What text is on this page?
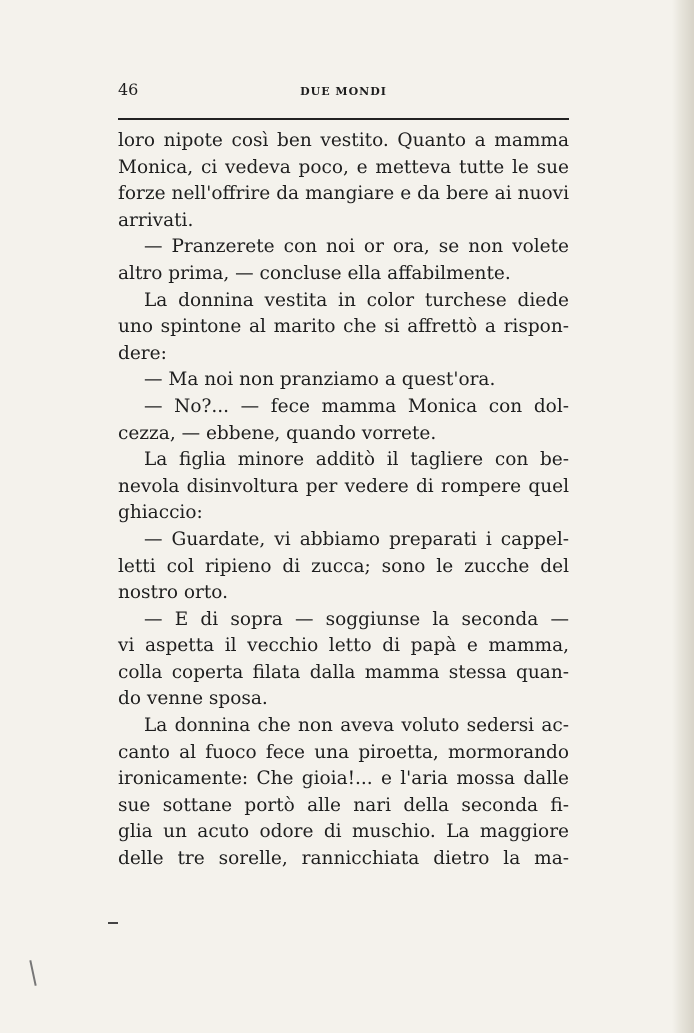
46	DUE MONDI
loro nipote così ben vestito. Quanto a mamma
Monica, ci vedeva poco, e metteva tutte le sue
forze nell'offrire da mangiare e da bere ai nuovi
arrivati.
— Pranzerete con noi or ora, se non volete
altro prima, — concluse ella affabilmente.
La donnina vestita in color turchese diede
uno spintone al marito che si affrettò a rispon-
dere:
— Ma noi non pranziamo a quest'ora.
— No?... — fece mamma Monica con dol-
cezza, — ebbene, quando vorrete.
La figlia minore additò il tagliere con be-
nevola disinvoltura per vedere di rompere quel
ghiaccio:
— Guardate, vi abbiamo preparati i cappel-
letti col ripieno di zucca; sono le zucche del
nostro orto.
— E di sopra — soggiunse la seconda —
vi aspetta il vecchio letto di papà e mamma,
colla coperta filata dalla mamma stessa quan-
do venne sposa.
La donnina che non aveva voluto sedersi ac-
canto al fuoco fece una piroetta, mormorando
ironicamente: Che gioia!... e l'aria mossa dalle
sue sottane portò alle nari della seconda fi-
glia un acuto odore di muschio. La maggiore
delle tre sorelle, rannicchiata dietro la ma-
